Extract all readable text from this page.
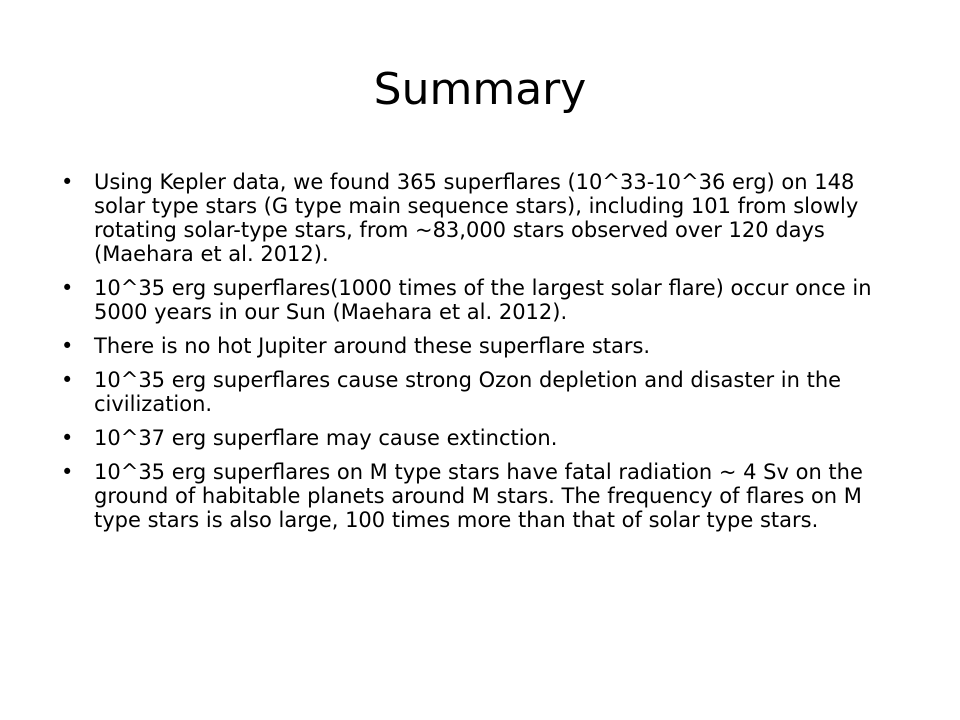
Summary
• Using Kepler data, we found 365 superflares (10^33-10^36 erg) on 148 solar type stars (G type main sequence stars), including 101 from slowly rotating solar-type stars, from ~83,000 stars observed over 120 days (Maehara et al. 2012).
• 10^35 erg superflares(1000 times of the largest solar flare) occur once in 5000 years in our Sun (Maehara et al. 2012).
• There is no hot Jupiter around these superflare stars.
• 10^35 erg superflares cause strong Ozon depletion and disaster in the civilization.
• 10^37 erg superflare may cause extinction.
• 10^35 erg superflares on M type stars have fatal radiation ~ 4 Sv on the ground of habitable planets around M stars. The frequency of flares on M type stars is also large, 100 times more than that of solar type stars.
